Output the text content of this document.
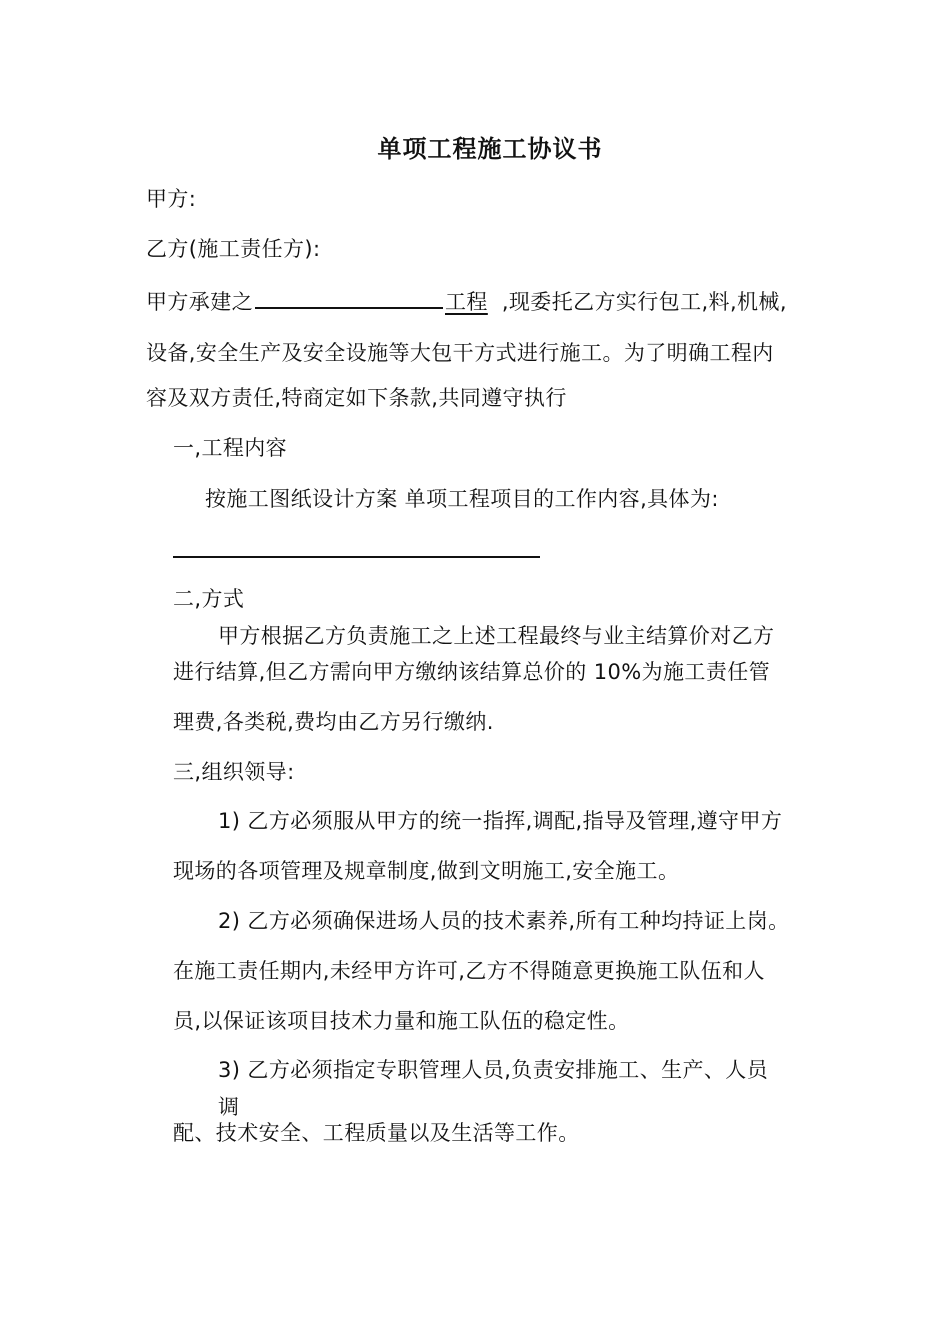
单项工程施工协议书
甲方:
乙方(施工责任方):
甲方承建之	工程 ,现委托乙方实行包工,料,机械,
设备,安全生产及安全设施等大包干方式进行施工。为了明确工程内
容及双方责任,特商定如下条款,共同遵守执行
一,工程内容
按施工图纸设计方案 单项工程项目的工作内容,具体为:
二,方式
甲方根据乙方负责施工之上述工程最终与业主结算价对乙方
进行结算,但乙方需向甲方缴纳该结算总价的 10%为施工责任管
理费,各类税,费均由乙方另行缴纳.
三,组织领导:
1) 乙方必须服从甲方的统一指挥,调配,指导及管理,遵守甲方
现场的各项管理及规章制度,做到文明施工,安全施工。
2) 乙方必须确保进场人员的技术素养,所有工种均持证上岗。
在施工责任期内,未经甲方许可,乙方不得随意更换施工队伍和人
员,以保证该项目技术力量和施工队伍的稳定性。
3) 乙方必须指定专职管理人员,负责安排施工、生产、人员
调
配、技术安全、工程质量以及生活等工作。
